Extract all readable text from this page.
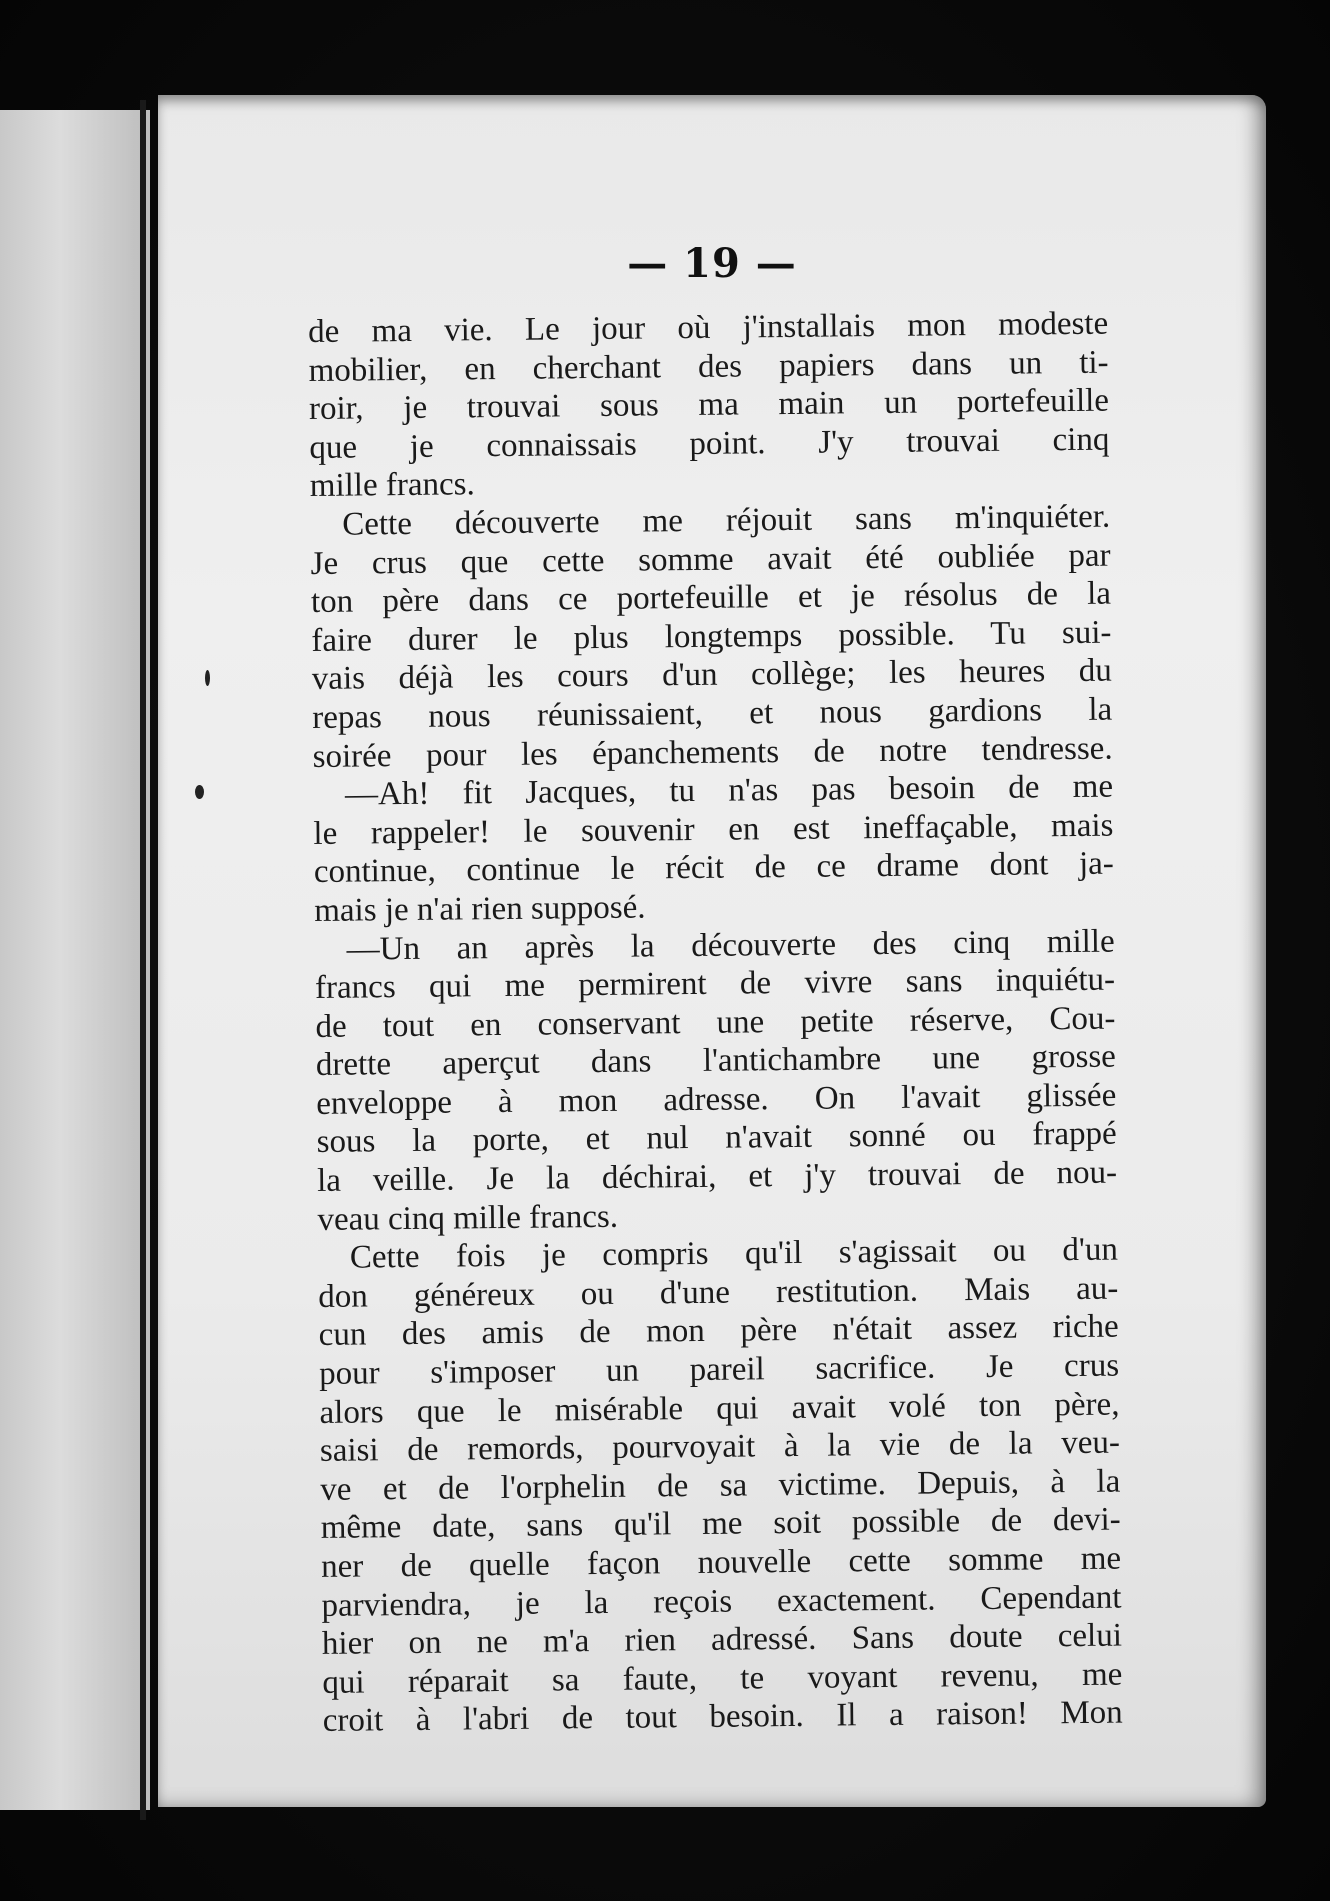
— 19 —
de ma vie. Le jour où j'installais mon modeste
mobilier, en cherchant des papiers dans un ti-
roir, je trouvai sous ma main un portefeuille
que je connaissais point. J'y trouvai cinq
mille francs.
Cette découverte me réjouit sans m'inquiéter.
Je crus que cette somme avait été oubliée par
ton père dans ce portefeuille et je résolus de la
faire durer le plus longtemps possible. Tu sui-
vais déjà les cours d'un collège; les heures du
repas nous réunissaient, et nous gardions la
soirée pour les épanchements de notre tendresse.
—Ah! fit Jacques, tu n'as pas besoin de me
le rappeler! le souvenir en est ineffaçable, mais
continue, continue le récit de ce drame dont ja-
mais je n'ai rien supposé.
—Un an après la découverte des cinq mille
francs qui me permirent de vivre sans inquiétu-
de tout en conservant une petite réserve, Cou-
drette aperçut dans l'antichambre une grosse
enveloppe à mon adresse. On l'avait glissée
sous la porte, et nul n'avait sonné ou frappé
la veille. Je la déchirai, et j'y trouvai de nou-
veau cinq mille francs.
Cette fois je compris qu'il s'agissait ou d'un
don généreux ou d'une restitution. Mais au-
cun des amis de mon père n'était assez riche
pour s'imposer un pareil sacrifice. Je crus
alors que le misérable qui avait volé ton père,
saisi de remords, pourvoyait à la vie de la veu-
ve et de l'orphelin de sa victime. Depuis, à la
même date, sans qu'il me soit possible de devi-
ner de quelle façon nouvelle cette somme me
parviendra, je la reçois exactement. Cependant
hier on ne m'a rien adressé. Sans doute celui
qui réparait sa faute, te voyant revenu, me
croit à l'abri de tout besoin. Il a raison! Mon
